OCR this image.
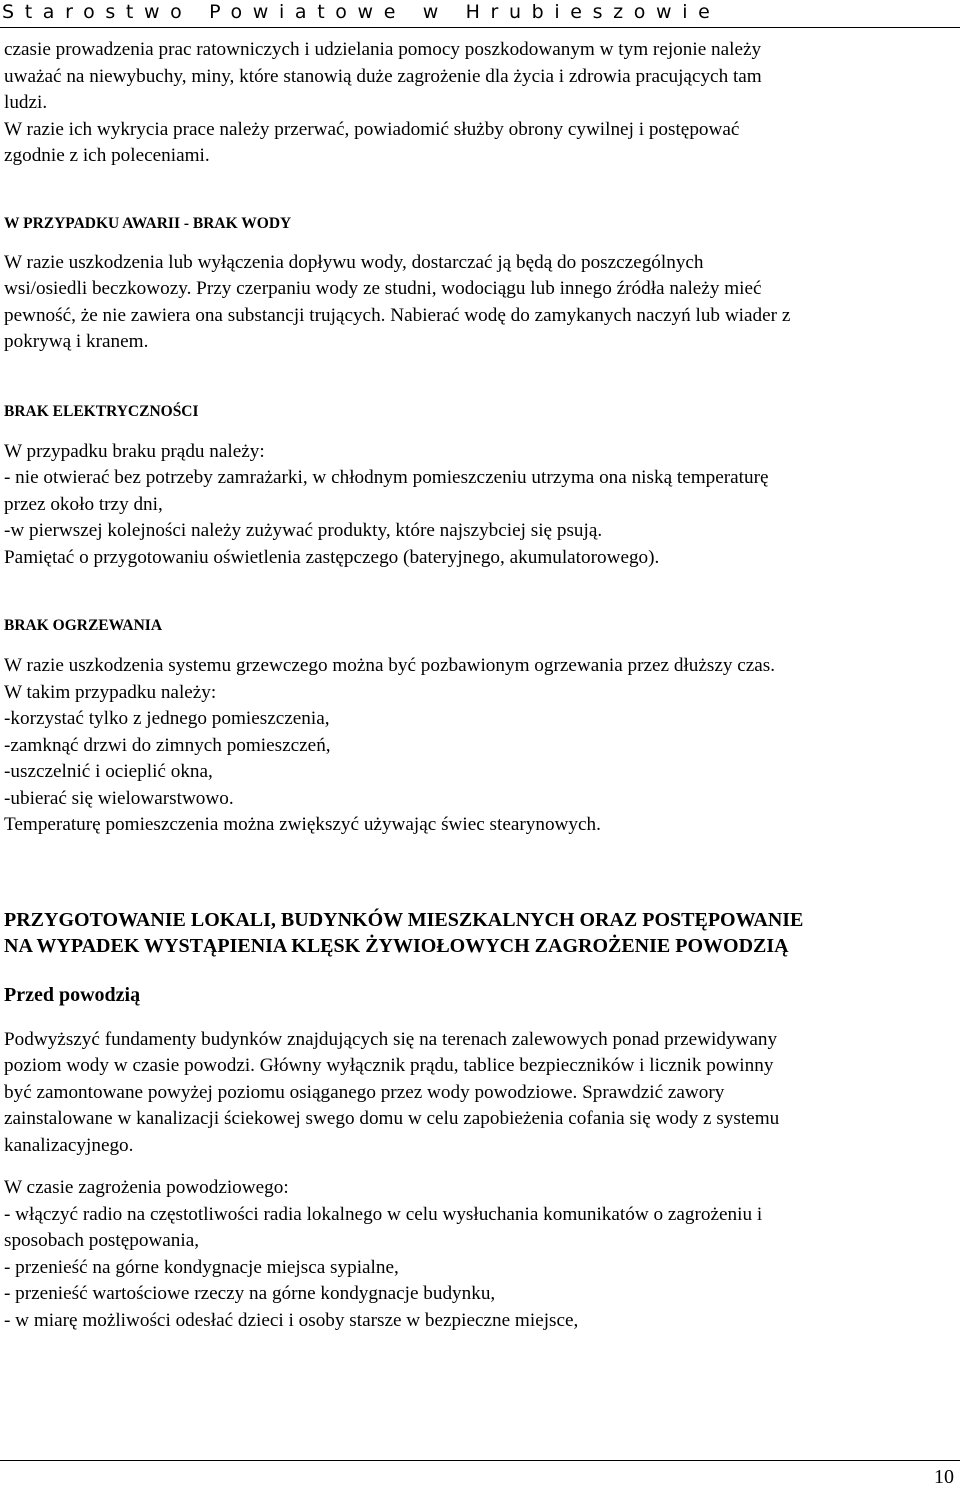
Starostwo Powiatowe w Hrubieszowie

czasie prowadzenia prac ratowniczych i udzielania pomocy poszkodowanym w tym rejonie należy

uważać na niewybuchy, miny, które stanowią duże zagrożenie dla życia i zdrowia pracujących tam

ludzi.

W razie ich wykrycia prace należy przerwać, powiadomić służby obrony cywilnej i postępować

zgodnie z ich poleceniami.

W PRZYPADKU AWARII - BRAK WODY

W razie uszkodzenia lub wyłączenia dopływu wody, dostarczać ją będą do poszczególnych

wsi/osiedli beczkowozy. Przy czerpaniu wody ze studni, wodociągu lub innego źródła należy mieć

pewność, że nie zawiera ona substancji trujących. Nabierać wodę do zamykanych naczyń lub wiader z

pokrywą i kranem.

BRAK ELEKTRYCZNOŚCI

W przypadku braku prądu należy:

- nie otwierać bez potrzeby zamrażarki, w chłodnym pomieszczeniu utrzyma ona niską temperaturę

przez około trzy dni,

-w pierwszej kolejności należy zużywać produkty, które najszybciej się psują.

Pamiętać o przygotowaniu oświetlenia zastępczego (bateryjnego, akumulatorowego).

BRAK OGRZEWANIA

W razie uszkodzenia systemu grzewczego można być pozbawionym ogrzewania przez dłuższy czas.

W takim przypadku należy:

-korzystać tylko z jednego pomieszczenia,

-zamknąć drzwi do zimnych pomieszczeń,

-uszczelnić i ocieplić okna,

-ubierać się wielowarstwowo.

Temperaturę pomieszczenia można zwiększyć używając świec stearynowych.

PRZYGOTOWANIE LOKALI, BUDYNKÓW MIESZKALNYCH ORAZ POSTĘPOWANIE

NA WYPADEK WYSTĄPIENIA KLĘSK ŻYWIOŁOWYCH ZAGROŻENIE POWODZIĄ

Przed powodzią

Podwyższyć fundamenty budynków znajdujących się na terenach zalewowych ponad przewidywany

poziom wody w czasie powodzi. Główny wyłącznik prądu, tablice bezpieczników i licznik powinny

być zamontowane powyżej poziomu osiąganego przez wody powodziowe. Sprawdzić zawory

zainstalowane w kanalizacji ściekowej swego domu w celu zapobieżenia cofania się wody z systemu

kanalizacyjnego.

W czasie zagrożenia powodziowego:

- włączyć radio na częstotliwości radia lokalnego w celu wysłuchania komunikatów o zagrożeniu i

sposobach postępowania,

- przenieść na górne kondygnacje miejsca sypialne,

- przenieść wartościowe rzeczy na górne kondygnacje budynku,

- w miarę możliwości odesłać dzieci i osoby starsze w bezpieczne miejsce,

10
